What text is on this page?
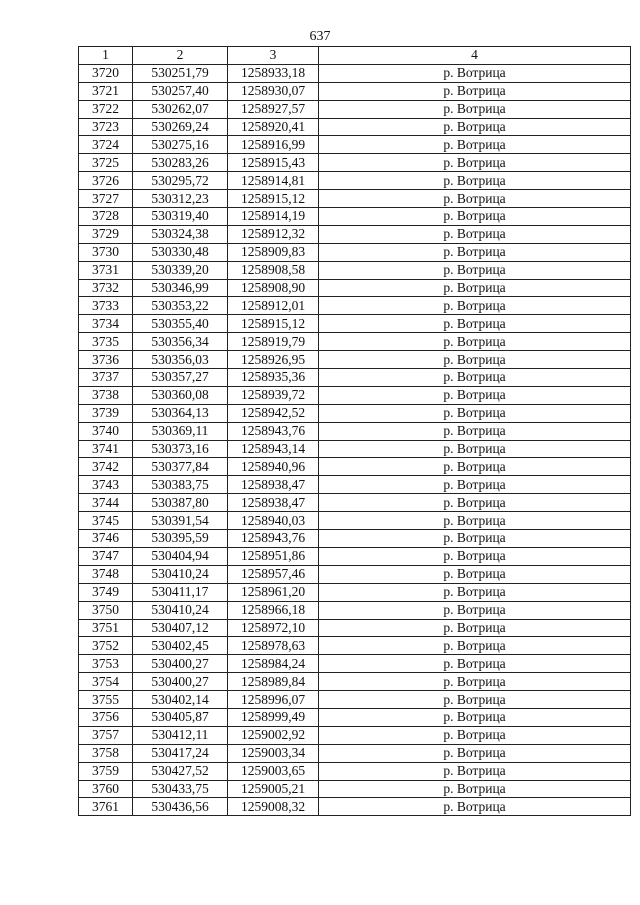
637
1	2	3	4
3720	530251,79	1258933,18	р. Вотрица
3721	530257,40	1258930,07	р. Вотрица
3722	530262,07	1258927,57	р. Вотрица
3723	530269,24	1258920,41	р. Вотрица
3724	530275,16	1258916,99	р. Вотрица
3725	530283,26	1258915,43	р. Вотрица
3726	530295,72	1258914,81	р. Вотрица
3727	530312,23	1258915,12	р. Вотрица
3728	530319,40	1258914,19	р. Вотрица
3729	530324,38	1258912,32	р. Вотрица
3730	530330,48	1258909,83	р. Вотрица
3731	530339,20	1258908,58	р. Вотрица
3732	530346,99	1258908,90	р. Вотрица
3733	530353,22	1258912,01	р. Вотрица
3734	530355,40	1258915,12	р. Вотрица
3735	530356,34	1258919,79	р. Вотрица
3736	530356,03	1258926,95	р. Вотрица
3737	530357,27	1258935,36	р. Вотрица
3738	530360,08	1258939,72	р. Вотрица
3739	530364,13	1258942,52	р. Вотрица
3740	530369,11	1258943,76	р. Вотрица
3741	530373,16	1258943,14	р. Вотрица
3742	530377,84	1258940,96	р. Вотрица
3743	530383,75	1258938,47	р. Вотрица
3744	530387,80	1258938,47	р. Вотрица
3745	530391,54	1258940,03	р. Вотрица
3746	530395,59	1258943,76	р. Вотрица
3747	530404,94	1258951,86	р. Вотрица
3748	530410,24	1258957,46	р. Вотрица
3749	530411,17	1258961,20	р. Вотрица
3750	530410,24	1258966,18	р. Вотрица
3751	530407,12	1258972,10	р. Вотрица
3752	530402,45	1258978,63	р. Вотрица
3753	530400,27	1258984,24	р. Вотрица
3754	530400,27	1258989,84	р. Вотрица
3755	530402,14	1258996,07	р. Вотрица
3756	530405,87	1258999,49	р. Вотрица
3757	530412,11	1259002,92	р. Вотрица
3758	530417,24	1259003,34	р. Вотрица
3759	530427,52	1259003,65	р. Вотрица
3760	530433,75	1259005,21	р. Вотрица
3761	530436,56	1259008,32	р. Вотрица
